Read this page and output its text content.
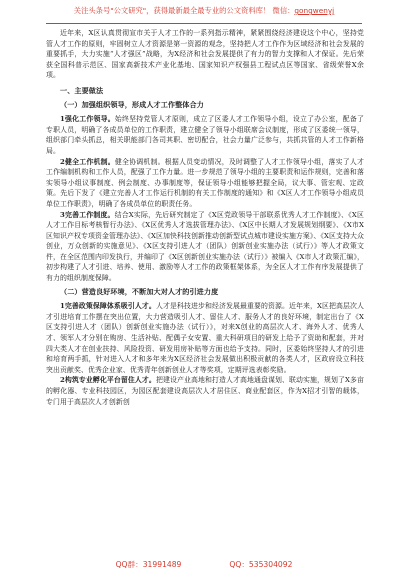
关注头条号"公文研究"，获得最新最全最专业的公文资料库！ 微信：gongwenyj

近年来，X区认真贯彻宣市关于人才工作的一系列指示精神，紧紧围绕经济建设这个中心，坚持党管人才工作的原则，牢固树立人才资源是第一资源的观念，坚持把人才工作作为区域经济和社会发展的重要抓手，大力实施“人才强区”战略，为X经济和社会发展提供了有力的智力支撑和人才保证。先后荣获全国科普示范区、国家高新技术产业化基地、国家知识产权强县工程试点区等国家、省级荣誉X余项。

一、主要做法

（一）加强组织领导，形成人才工作整体合力

1强化工作领导。始终坚持党管人才原则，成立了区委人才工作领导小组，设立了办公室，配备了专职人员，明确了各成员单位的工作职责，建立健全了领导小组联席会议制度，形成了区委统一领导，组织部门牵头抓总，相关职能部门各司其职、密切配合，社会力量广泛参与，共抓共管的人才工作新格局。

2健全工作机制。健全协调机制。根据人员变动情况，及时调整了人才工作领导小组，落实了人才工作编制机构和工作人员，配强了工作力量。进一步规范了领导小组的主要职责和运作规则，完善和落实领导小组议事制度、例会制度、办事制度等，保证领导小组能够把握全局，议大事、管宏观、定政策。先后下发了《建立完善人才工作运行机制的有关工作制度的通知》和《X区人才工作领导小组成员单位工作职责》，明确了各成员单位的职责任务。

3完善工作制度。结合X实际，先后研究制定了《X区党政领导干部联系优秀人才工作制度》、《X区人才工作目标考核暂行办法》、《X区优秀人才选拔管理办法》、《X区中长期人才发展规划纲要》、《X市X区知识产权专项资金管理办法》、《X区加快科技创新推动创新型试点城市建设实施方案》、《X区支持大众创业，万众创新的实施意见》、《X区支持引进人才（团队）创新创业实施办法（试行）》等人才政策文件，在全区范围内印发执行，并编印了《X区创新创业实施办法（试行）》被编入《X市人才政策汇编》，初步构建了人才引进、培养、使用、激励等人才工作的政策框架体系，为全区人才工作有序发展提供了有力的组织制度保障。

（二）营造良好环境，不断加大对人才的引进力度

1完善政策保障体系吸引人才。人才是科技进步和经济发展最重要的资源。近年来，X区把高层次人才引进培育工作摆在突出位置，大力营造吸引人才、留住人才、服务人才的良好环境，制定出台了《X区支持引进人才（团队）创新创业实施办法（试行）》，对来X创业的高层次人才、海外人才、优秀人才、领军人才分别在购房、生活补贴、配偶子女安置、重大科研项目的研发上给予了资助和配套，并对四大类人才在创业扶持、风险投资、研发用房补贴等方面也给予支持。同时，区委始终坚持人才的引进和培育两手抓，针对进入人才和多年来为X区经济社会发展做出积极贡献的各类人才，区政府设立科技突出贡献奖、优秀企业家、优秀青年创新创业人才等奖项，定期评选表彰奖励。

2构筑专业孵化平台留住人才。把建设产业高地和打造人才高地通盘谋划、联动实施，规划了X多亩的孵化器、专业科技园区，为园区配套建设高层次人才居住区、商业配套区，作为X招才引智的载体，专门用于高层次人才创新创

QQ群：31991489	QQ：535304092
